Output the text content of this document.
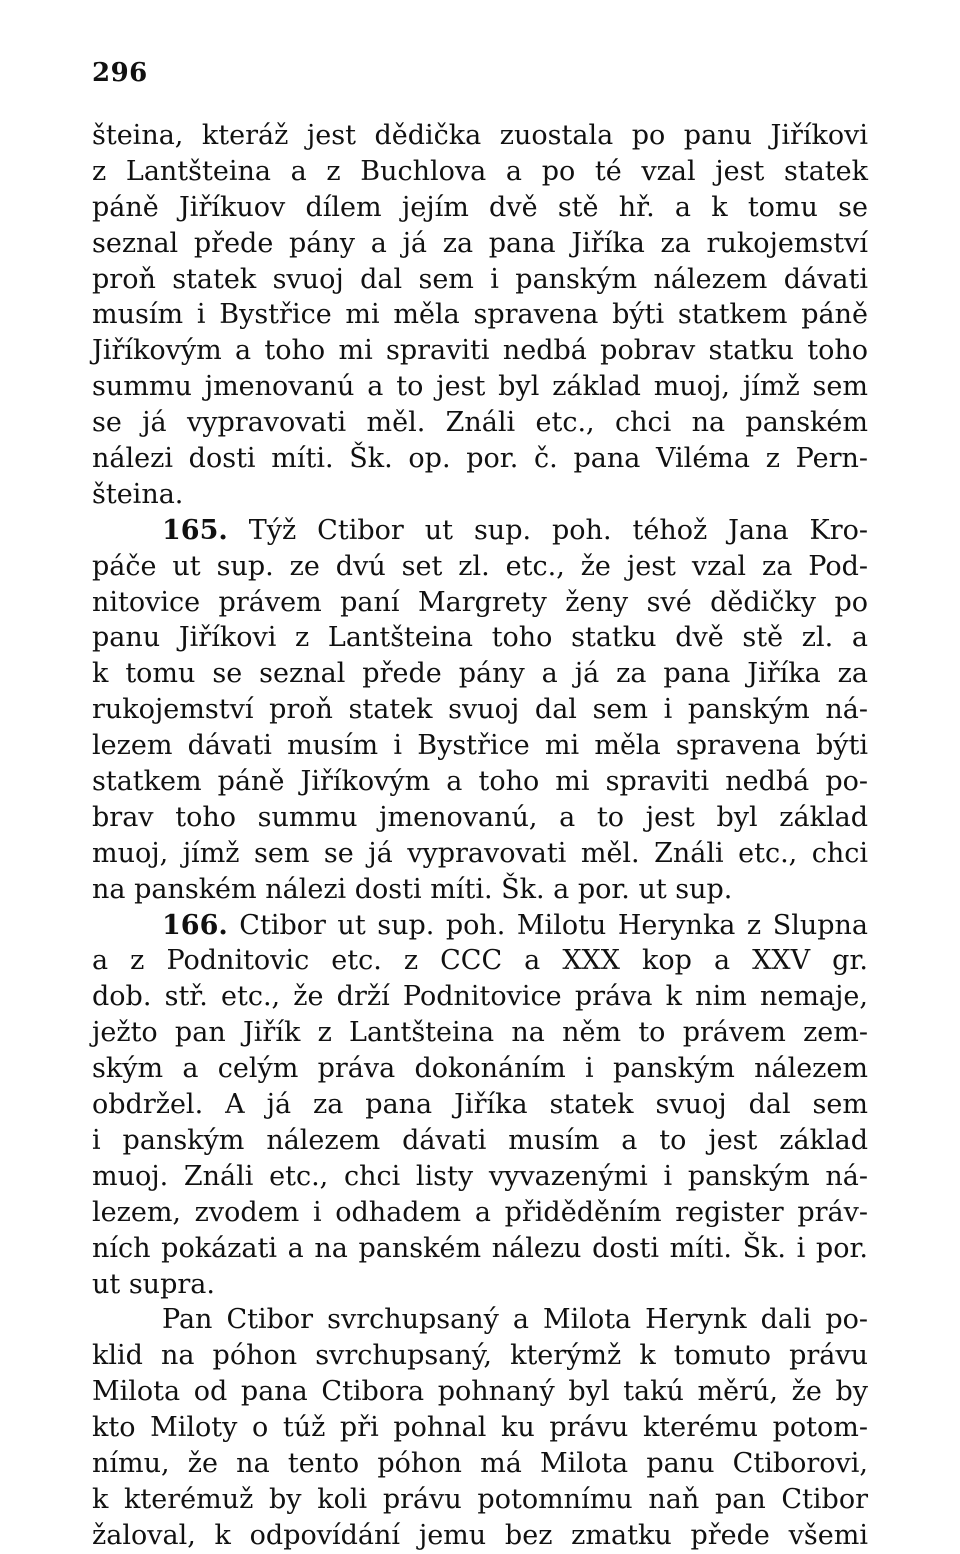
296
šteina, kteráž jest dědička zuostala po panu Jiříkovi
z Lantšteina a z Buchlova a po té vzal jest statek
páně Jiříkuov dílem jejím dvě stě hř. a k tomu se
seznal přede pány a já za pana Jiříka za rukojemství
proň statek svuoj dal sem i panským nálezem dávati
musím i Bystřice mi měla spravena býti statkem páně
Jiříkovým a toho mi spraviti nedbá pobrav statku toho
summu jmenovanú a to jest byl základ muoj, jímž sem
se já vypravovati měl. Ználi etc., chci na panském
nálezi dosti míti. Šk. op. por. č. pana Viléma z Pern-
šteina.
165. Týž Ctibor ut sup. poh. téhož Jana Kro-
páče ut sup. ze dvú set zl. etc., že jest vzal za Pod-
nitovice právem paní Margrety ženy své dědičky po
panu Jiříkovi z Lantšteina toho statku dvě stě zl. a
k tomu se seznal přede pány a já za pana Jiříka za
rukojemství proň statek svuoj dal sem i panským ná-
lezem dávati musím i Bystřice mi měla spravena býti
statkem páně Jiříkovým a toho mi spraviti nedbá po-
brav toho summu jmenovanú, a to jest byl základ
muoj, jímž sem se já vypravovati měl. Ználi etc., chci
na panském nálezi dosti míti. Šk. a por. ut sup.
166. Ctibor ut sup. poh. Milotu Herynka z Slupna
a z Podnitovic etc. z CCC a XXX kop a XXV gr.
dob. stř. etc., že drží Podnitovice práva k nim nemaje,
ježto pan Jiřík z Lantšteina na něm to právem zem-
ským a celým práva dokonáním i panským nálezem
obdržel. A já za pana Jiříka statek svuoj dal sem
i panským nálezem dávati musím a to jest základ
muoj. Ználi etc., chci listy vyvazenými i panským ná-
lezem, zvodem i odhadem a přiděděním register práv-
ních pokázati a na panském nálezu dosti míti. Šk. i por.
ut supra.
Pan Ctibor svrchupsaný a Milota Herynk dali po-
klid na póhon svrchupsaný, kterýmž k tomuto právu
Milota od pana Ctibora pohnaný byl takú měrú, že by
kto Miloty o túž při pohnal ku právu kterému potom-
nímu, že na tento póhon má Milota panu Ctiborovi,
k kterémuž by koli právu potomnímu naň pan Ctibor
žaloval, k odpovídání jemu bez zmatku přede všemi
